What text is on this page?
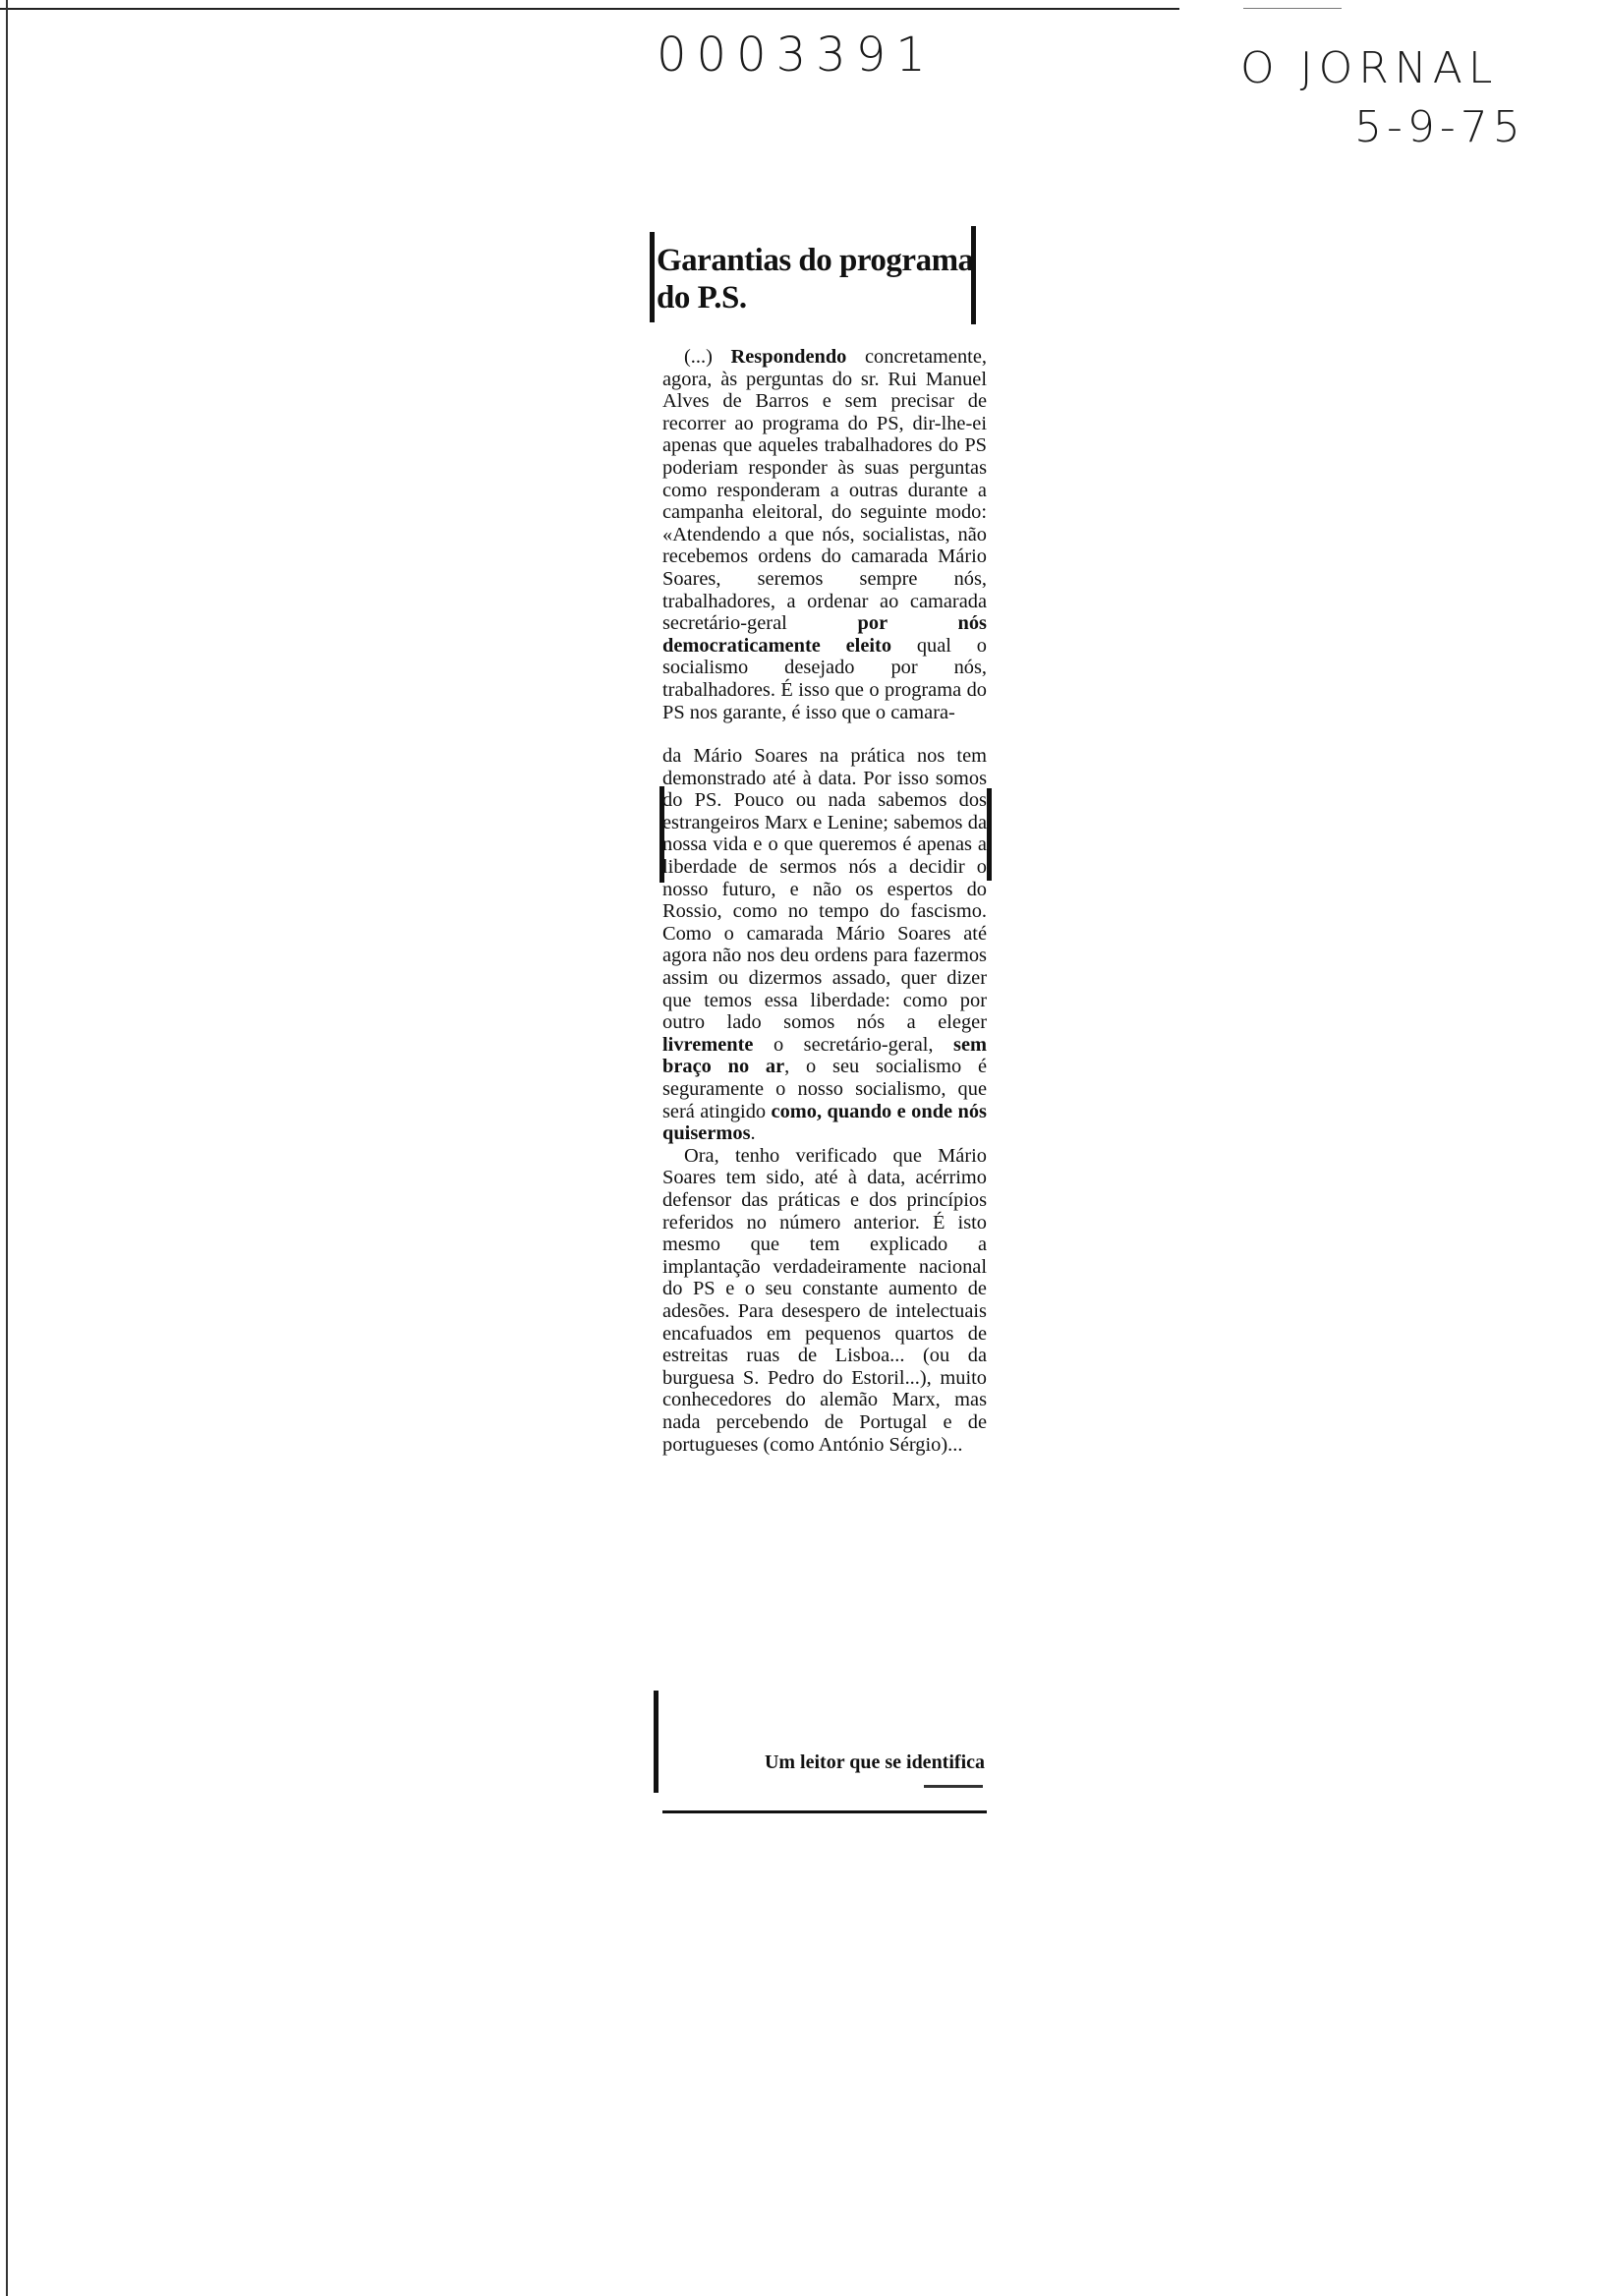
0003391	O JORNAL
5-9-75
Garantias do programa
do P.S.

(...) Respondendo concretamente, agora, às perguntas do sr. Rui Manuel Alves de Barros e sem precisar de recorrer ao programa do PS, dir-lhe-ei apenas que aqueles trabalhadores do PS poderiam responder às suas perguntas como responderam a outras durante a campanha eleitoral, do seguinte modo: «Atendendo a que nós, socialistas, não recebemos ordens do camarada Mário Soares, seremos sempre nós, trabalhadores, a ordenar ao camarada secretário-geral por nós democraticamente eleito qual o socialismo desejado por nós, trabalhadores. É isso que o programa do PS nos garante, é isso que o camara-

da Mário Soares na prática nos tem demonstrado até à data. Por isso somos do PS. Pouco ou nada sabemos dos estrangeiros Marx e Lenine; sabemos da nossa vida e o que queremos é apenas a liberdade de sermos nós a decidir o nosso futuro, e não os espertos do Rossio, como no tempo do fascismo. Como o camarada Mário Soares até agora não nos deu ordens para fazermos assim ou dizermos assado, quer dizer que temos essa liberdade: como por outro lado somos nós a eleger livremente o secretário-geral, sem braço no ar, o seu socialismo é seguramente o nosso socialismo, que será atingido como, quando e onde nós quisermos.

Ora, tenho verificado que Mário Soares tem sido, até à data, acérrimo defensor das práticas e dos princípios referidos no número anterior. É isto mesmo que tem explicado a implantação verdadeiramente nacional do PS e o seu constante aumento de adesões. Para desespero de intelectuais encafuados em pequenos quartos de estreitas ruas de Lisboa... (ou da burguesa S. Pedro do Estoril...), muito conhecedores do alemão Marx, mas nada percebendo de Portugal e de portugueses (como António Sérgio)...

Um leitor que se identifica
